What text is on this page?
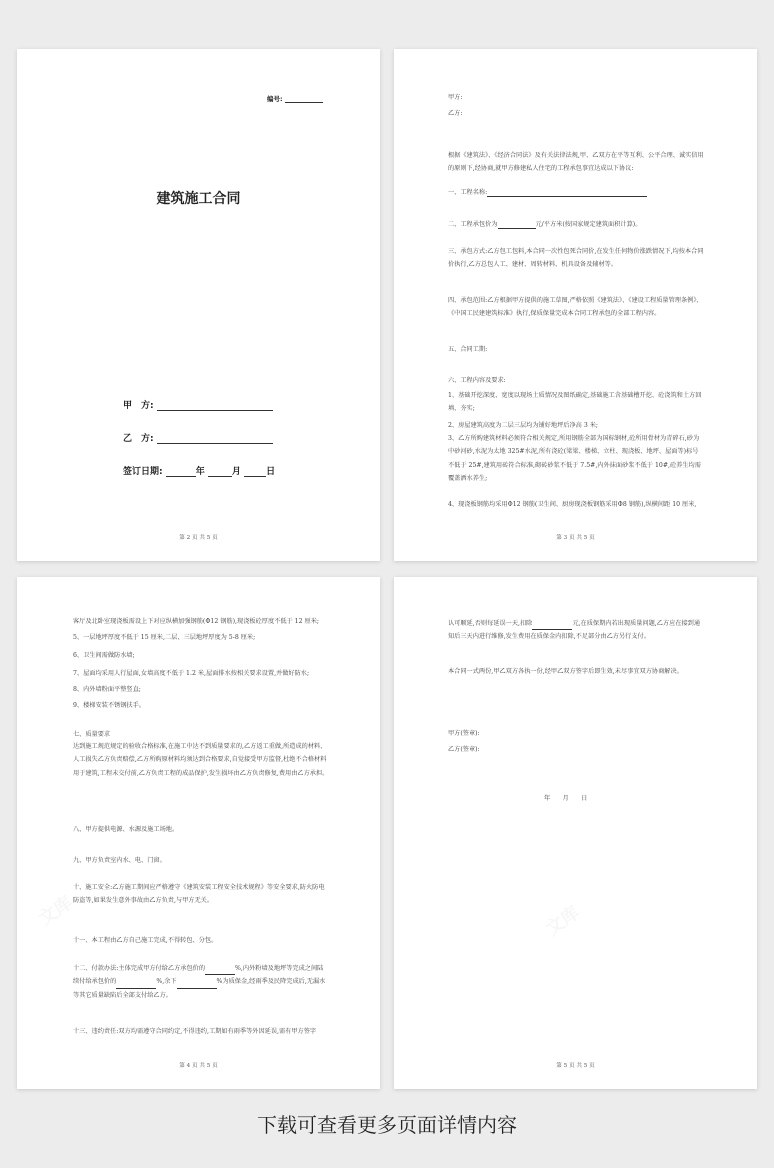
编号:
建筑施工合同
甲　方:
乙　方:
签订日期:	年	月	日
第 2 页 共 5 页
甲方:
乙方:
根据《建筑法》、《经济合同法》及有关法律法规,甲、乙双方在平等互利、公平合理、诚实信用的原则下,经协商,就甲方修建私人住宅的工程承包事宜达成以下协议:
一、工程名称:
二、工程承包价为	元/平方米(按国家规定建筑面积计算)。
三、承包方式:乙方包工包料,本合同一次性包死合同价,在发生任何物价涨跌情况下,均按本合同价执行,乙方总包人工、建材、周转材料、机具设备及辅材等。
四、承包范围:乙方根据甲方提供的施工草图,严格依照《建筑法》、《建设工程质量管理条例》、《中国工民建建筑标准》执行,保质保量完成本合同工程承包的全部工程内容。
五、合同工期:
六、工程内容及要求:
1、基础开挖深度、宽度以现场土质情况及图纸确定,基础施工含基础槽开挖、砼浇筑和土方回填、夯实;
2、房屋建筑高度为二层三层均为铺好地坪后净高 3 米;
3、乙方所购建筑材料必须符合相关规定,所用钢筋全部为国标钢材,砼所用骨材为青碎石,砂为中砂河砂,水泥为太地 325#水泥,所有浇砼(梁梁、楼梯、立柱、现浇板、地坪、屋面等)标号不低于 25#,建筑用砖符合标准,砌砖砂浆不低于 7.5#,内外抹面砂浆不低于 10#,砼养生均需覆盖洒水养生;
4、现浇板钢筋均采用Φ12 钢筋(卫生间、厨房现浇板钢筋采用Φ8 钢筋),纵横间距 10 厘米,
第 3 页 共 5 页
客厅及北卧室现浇板需设上下对应纵横加强钢筋(Φ12 钢筋),现浇板砼厚度不低于 12 厘米;
5、一层地坪厚度不低于 15 厘米,二层、三层地坪厚度为 5-8 厘米;
6、卫生间需做防水墙;
7、屋面均采用人行屋面,女墙高度不低于 1.2 米,屋面排水按相关要求设置,并做好防水;
8、内外墙粉面平整竖直;
9、楼梯安装不锈钢扶手。
七、质量要求
达到施工规范规定的验收合格标准,在施工中达不到质量要求的,乙方返工重做,所造成的材料、人工损失乙方负责赔偿,乙方所购原材料均须达到合格要求,自觉接受甲方监督,杜绝不合格材料用于建筑,工程未交付前,乙方负责工程的成品保护,发生损坏由乙方负责修复,费用由乙方承担。
八、甲方提供电源、水源及施工场地。
九、甲方负责室内水、电、门窗。
十、施工安全:乙方施工期间应严格遵守《建筑安装工程安全技术规程》等安全要求,防火防电防盗等,如果发生意外事故由乙方负责,与甲方无关。
十一、本工程由乙方自己施工完成,不得转包、分包。
十二、付款办法:主体完成甲方付给乙方承包价的	%,内外粉墙及地坪等完成之间陆续付给承包价的	%,余下	%为质保金,经雨季及民降完成后,无漏水等其它质量缺陷后全部支付给乙方。
十三、违约责任:双方均需遵守合同约定,不得违约,工期如有雨季等外因延误,需有甲方签字
第 4 页 共 5 页
认可顺延,否则每延误一天,扣除	元,在质保期内若出现质量问题,乙方应在接到通知后三天内进行维修,发生费用在质保金内扣除,不足部分由乙方另行支付。
本合同一式两份,甲乙双方各执一份,经甲乙双方签字后即生效,未尽事宜双方协商解决。
甲方(签章):
乙方(签章):
年　　月　　日
第 5 页 共 5 页
下载可查看更多页面详情内容
